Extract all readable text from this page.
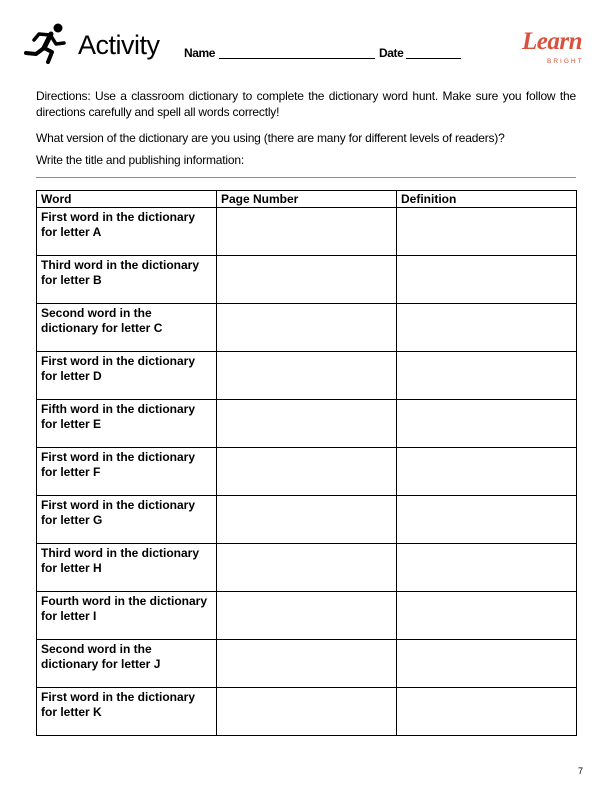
Activity Name	Date	Learn
BRIGHT
Directions: Use a classroom dictionary to complete the dictionary word hunt. Make sure you follow the directions carefully and spell all words correctly!
What version of the dictionary are you using (there are many for different levels of readers)?
Write the title and publishing information:
Word	Page Number	Definition
First word in the dictionary for letter A		
Third word in the dictionary for letter B		
Second word in the dictionary for letter C		
First word in the dictionary for letter D		
Fifth word in the dictionary for letter E		
First word in the dictionary for letter F		
First word in the dictionary for letter G		
Third word in the dictionary for letter H		
Fourth word in the dictionary for letter I		
Second word in the dictionary for letter J		
First word in the dictionary for letter K		
7
